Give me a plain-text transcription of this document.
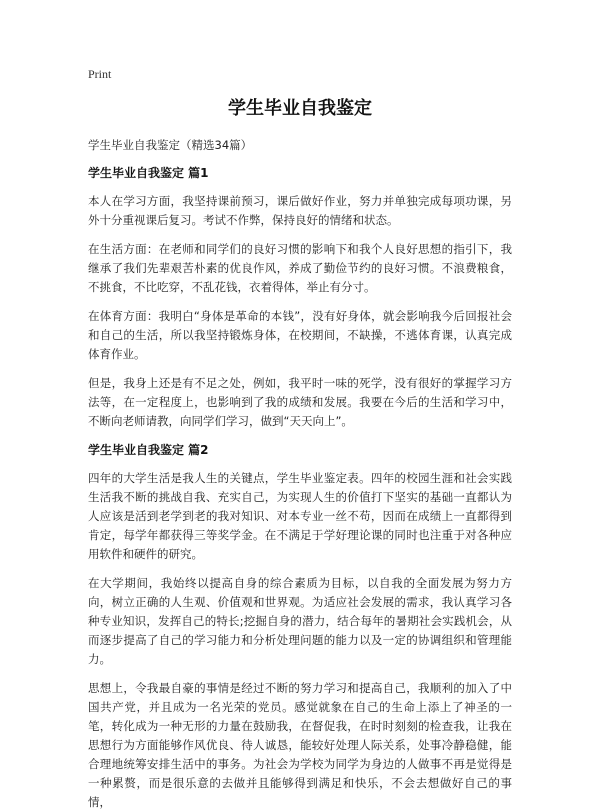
Print
学生毕业自我鉴定

学生毕业自我鉴定（精选34篇）

学生毕业自我鉴定 篇1

本人在学习方面，我坚持课前预习，课后做好作业，努力并单独完成每项功课，另外十分重视课后复习。考试不作弊，保持良好的情绪和状态。

在生活方面：在老师和同学们的良好习惯的影响下和我个人良好思想的指引下，我继承了我们先辈艰苦朴素的优良作风，养成了勤俭节约的良好习惯。不浪费粮食，不挑食，不比吃穿，不乱花钱，衣着得体，举止有分寸。

在体育方面：我明白“身体是革命的本钱”，没有好身体，就会影响我今后回报社会和自己的生活，所以我坚持锻炼身体，在校期间，不缺操，不逃体育课，认真完成体育作业。

但是，我身上还是有不足之处，例如，我平时一味的死学，没有很好的掌握学习方法等，在一定程度上，也影响到了我的成绩和发展。我要在今后的生活和学习中，不断向老师请教，向同学们学习，做到“天天向上”。

学生毕业自我鉴定 篇2

四年的大学生活是我人生的关键点，学生毕业鉴定表。四年的校园生涯和社会实践生活我不断的挑战自我、充实自己，为实现人生的价值打下坚实的基础一直都认为人应该是活到老学到老的我对知识、对本专业一丝不苟，因而在成绩上一直都得到肯定，每学年都获得三等奖学金。在不满足于学好理论课的同时也注重于对各种应用软件和硬件的研究。

在大学期间，我始终以提高自身的综合素质为目标，以自我的全面发展为努力方向，树立正确的人生观、价值观和世界观。为适应社会发展的需求，我认真学习各种专业知识，发挥自己的特长;挖掘自身的潜力，结合每年的暑期社会实践机会，从而逐步提高了自己的学习能力和分析处理问题的能力以及一定的协调组织和管理能力。

思想上，令我最自豪的事情是经过不断的努力学习和提高自己，我顺利的加入了中国共产党，并且成为一名光荣的党员。感觉就象在自己的生命上添上了神圣的一笔，转化成为一种无形的力量在鼓励我，在督促我，在时时刻刻的检查我，让我在思想行为方面能够作风优良、待人诚恳，能较好处理人际关系，处事冷静稳健，能合理地统筹安排生活中的事务。为社会为学校为同学为身边的人做事不再是觉得是一种累赘，而是很乐意的去做并且能够得到满足和快乐，不会去想做好自己的事情，
